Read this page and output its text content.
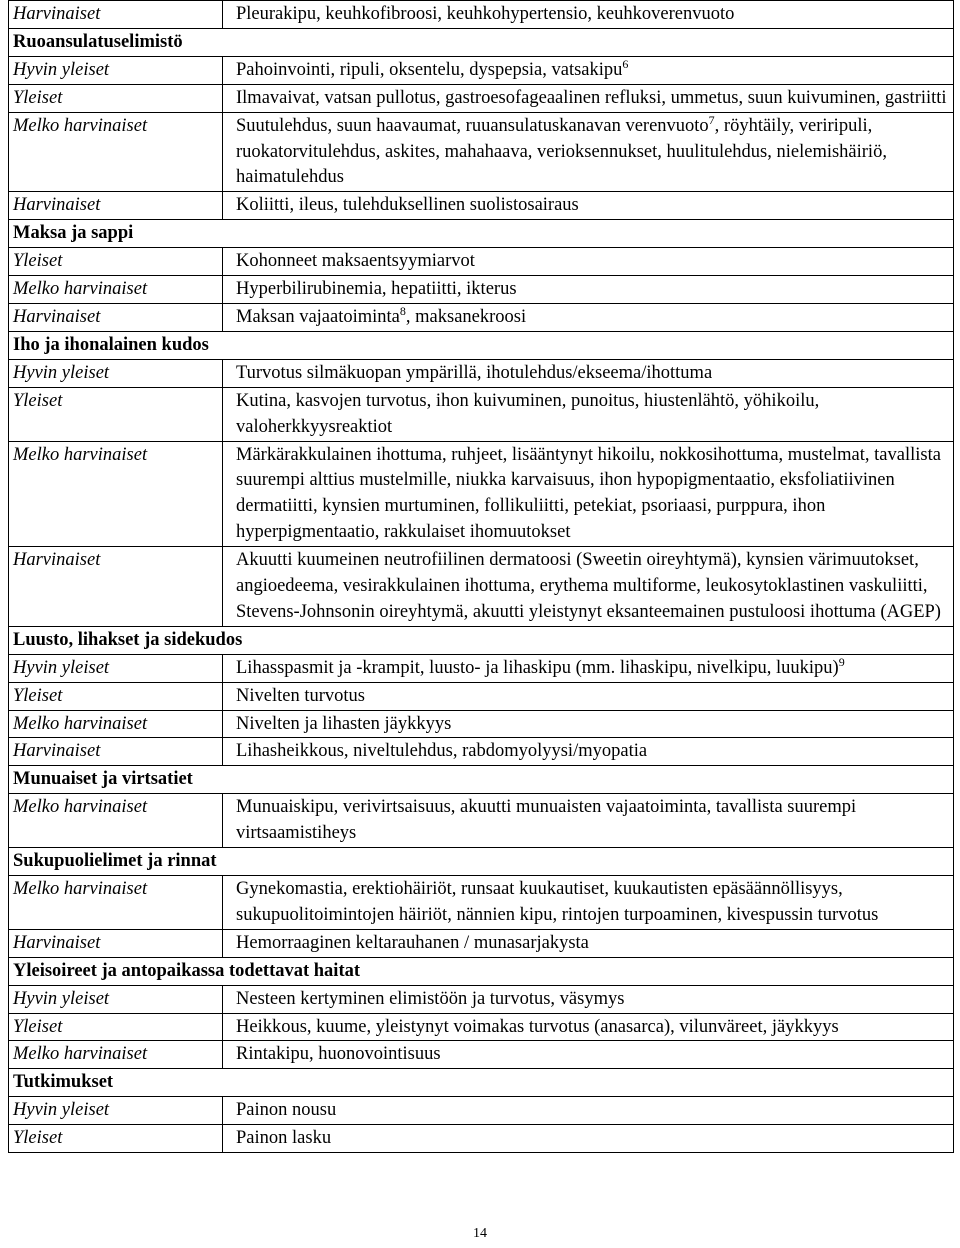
Harvinaiset	Pleurakipu, keuhkofibroosi, keuhkohypertensio, keuhkoverenvuoto
Ruoansulatuselimistö	
Hyvin yleiset	Pahoinvointi, ripuli, oksentelu, dyspepsia, vatsakipu$^6$
Yleiset	Ilmavaivat, vatsan pullotus, gastroesofageaalinen refluksi, ummetus, suun kuivuminen, gastriitti
Melko harvinaiset	Suutulehdus, suun haavaumat, ruuansulatuskanavan verenvuoto$^7$, röyhtäily, veriripuli, ruokatorvitulehdus, askites, mahahaava, verioksennukset, huulitulehdus, nielemishäiriö, haimatulehdus
Harvinaiset	Koliitti, ileus, tulehduksellinen suolistosairaus
Maksa ja sappi	
Yleiset	Kohonneet maksaentsyymiarvot
Melko harvinaiset	Hyperbilirubinemia, hepatiitti, ikterus
Harvinaiset	Maksan vajaatoiminta$^8$, maksanekroosi
Iho ja ihonalainen kudos	
Hyvin yleiset	Turvotus silmäkuopan ympärillä, ihotulehdus/ekseema/ihottuma
Yleiset	Kutina, kasvojen turvotus, ihon kuivuminen, punoitus, hiustenlähtö, yöhikoilu, valoherkkyysreaktiot
Melko harvinaiset	Märkärakkulainen ihottuma, ruhjeet, lisääntynyt hikoilu, nokkosihottuma, mustelmat, tavallista suurempi alttius mustelmille, niukka karvaisuus, ihon hypopigmentaatio, eksfoliatiivinen dermatiitti, kynsien murtuminen, follikuliitti, petekiat, psoriaasi, purppura, ihon hyperpigmentaatio, rakkulaiset ihomuutokset
Harvinaiset	Akuutti kuumeinen neutrofiilinen dermatoosi (Sweetin oireyhtymä), kynsien värimuutokset, angioedeema, vesirakkulainen ihottuma, erythema multiforme, leukosytoklastinen vaskuliitti, Stevens-Johnsonin oireyhtymä, akuutti yleistynyt eksanteemainen pustuloosi ihottuma (AGEP)
Luusto, lihakset ja sidekudos	
Hyvin yleiset	Lihasspasmit ja -krampit, luusto- ja lihaskipu (mm. lihaskipu, nivelkipu, luukipu)$^9$
Yleiset	Nivelten turvotus
Melko harvinaiset	Nivelten ja lihasten jäykkyys
Harvinaiset	Lihasheikkous, niveltulehdus, rabdomyolyysi/myopatia
Munuaiset ja virtsatiet	
Melko harvinaiset	Munuaiskipu, verivirtsaisuus, akuutti munuaisten vajaatoiminta, tavallista suurempi virtsaamistiheys
Sukupuolielimet ja rinnat	
Melko harvinaiset	Gynekomastia, erektiohäiriöt, runsaat kuukautiset, kuukautisten epäsäännöllisyys, sukupuolitoimintojen häiriöt, nännien kipu, rintojen turpoaminen, kivespussin turvotus
Harvinaiset	Hemorraaginen keltarauhanen / munasarjakysta
Yleisoireet ja antopaikassa todettavat haitat	
Hyvin yleiset	Nesteen kertyminen elimistöön ja turvotus, väsymys
Yleiset	Heikkous, kuume, yleistynyt voimakas turvotus (anasarca), vilunväreet, jäykkyys
Melko harvinaiset	Rintakipu, huonovointisuus
Tutkimukset	
Hyvin yleiset	Painon nousu
Yleiset	Painon lasku
14
